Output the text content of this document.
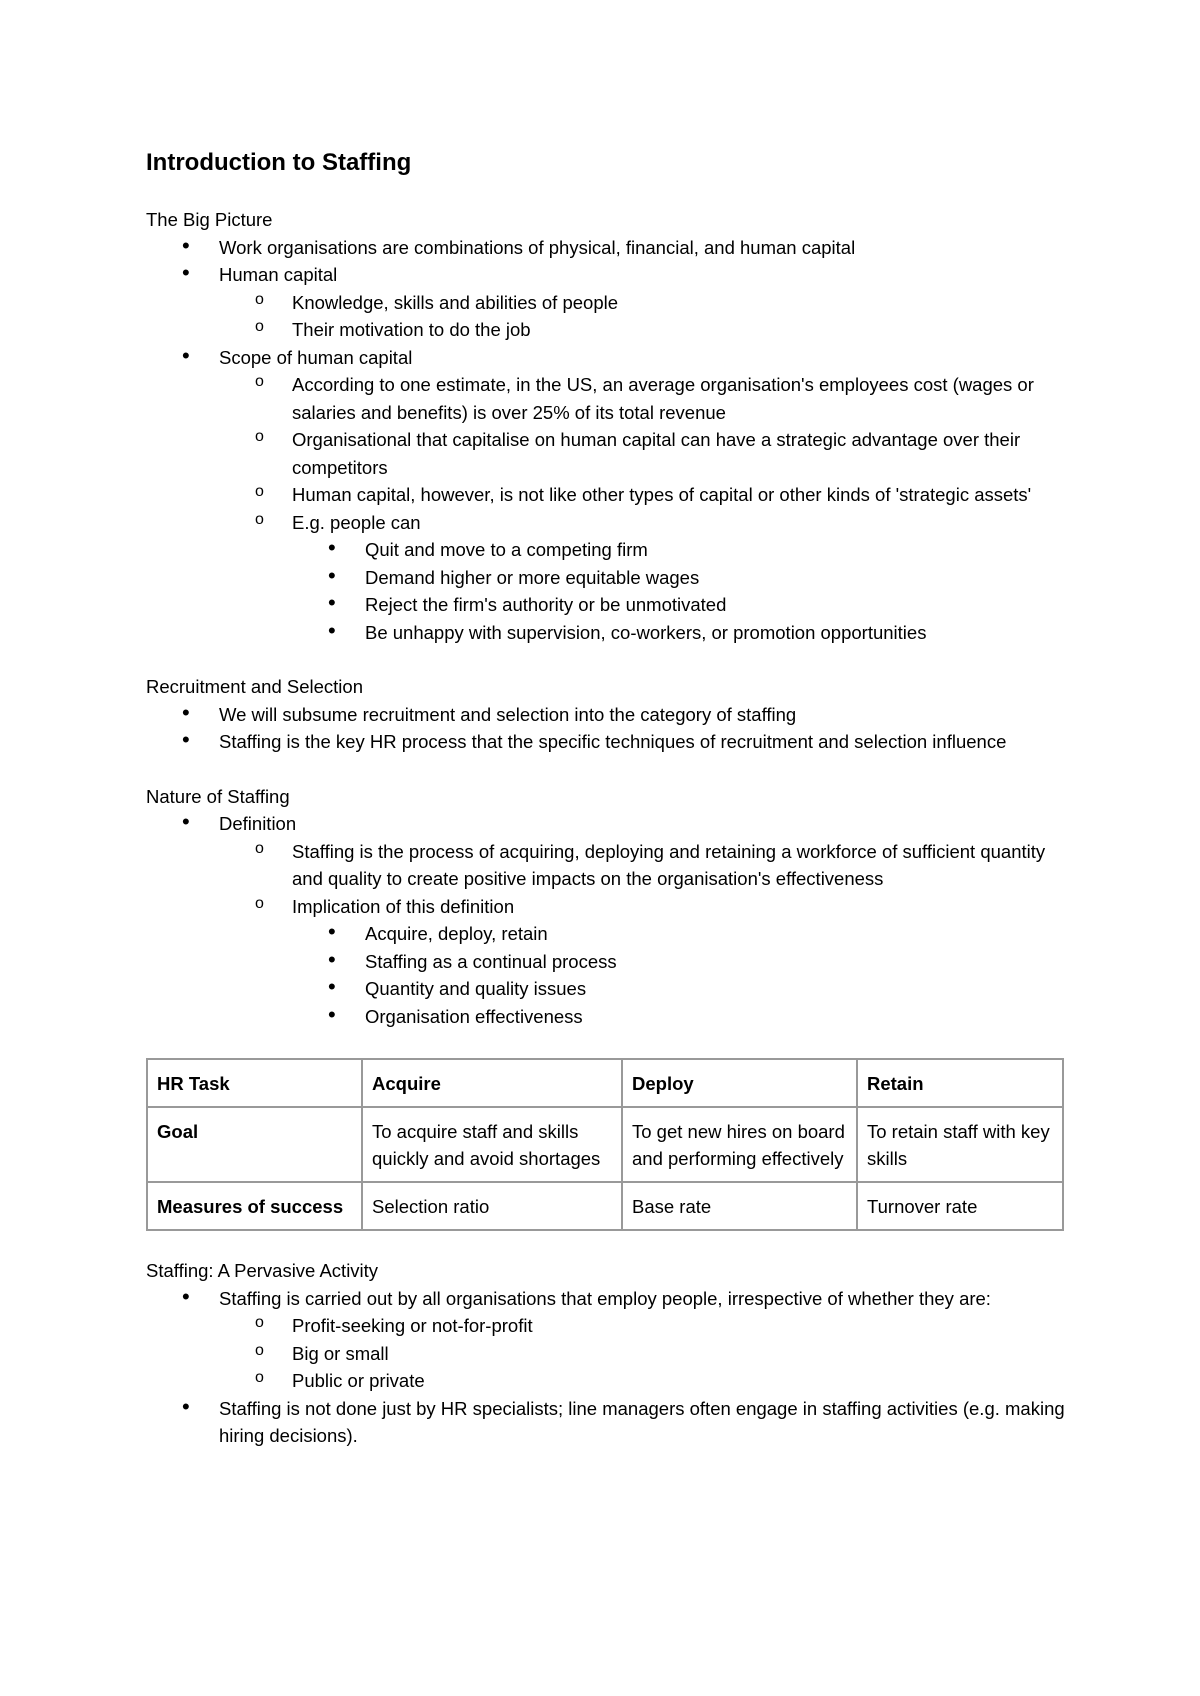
Introduction to Staffing

The Big Picture

• Work organisations are combinations of physical, financial, and human capital
• Human capital
o Knowledge, skills and abilities of people
o Their motivation to do the job
• Scope of human capital
o According to one estimate, in the US, an average organisation's employees cost (wages or salaries and benefits) is over 25% of its total revenue
o Organisational that capitalise on human capital can have a strategic advantage over their competitors
o Human capital, however, is not like other types of capital or other kinds of 'strategic assets'
o E.g. people can
• Quit and move to a competing firm
• Demand higher or more equitable wages
• Reject the firm's authority or be unmotivated
• Be unhappy with supervision, co-workers, or promotion opportunities

Recruitment and Selection

• We will subsume recruitment and selection into the category of staffing
• Staffing is the key HR process that the specific techniques of recruitment and selection influence

Nature of Staffing

• Definition
o Staffing is the process of acquiring, deploying and retaining a workforce of sufficient quantity and quality to create positive impacts on the organisation's effectiveness
o Implication of this definition
• Acquire, deploy, retain
• Staffing as a continual process
• Quantity and quality issues
• Organisation effectiveness
HR Task	Acquire	Deploy	Retain
Goal	To acquire staff and skills quickly and avoid shortages	To get new hires on board and performing effectively	To retain staff with key skills
Measures of success	Selection ratio	Base rate	Turnover rate

Staffing: A Pervasive Activity

• Staffing is carried out by all organisations that employ people, irrespective of whether they are:
o Profit-seeking or not-for-profit
o Big or small
o Public or private
• Staffing is not done just by HR specialists; line managers often engage in staffing activities (e.g. making hiring decisions).
